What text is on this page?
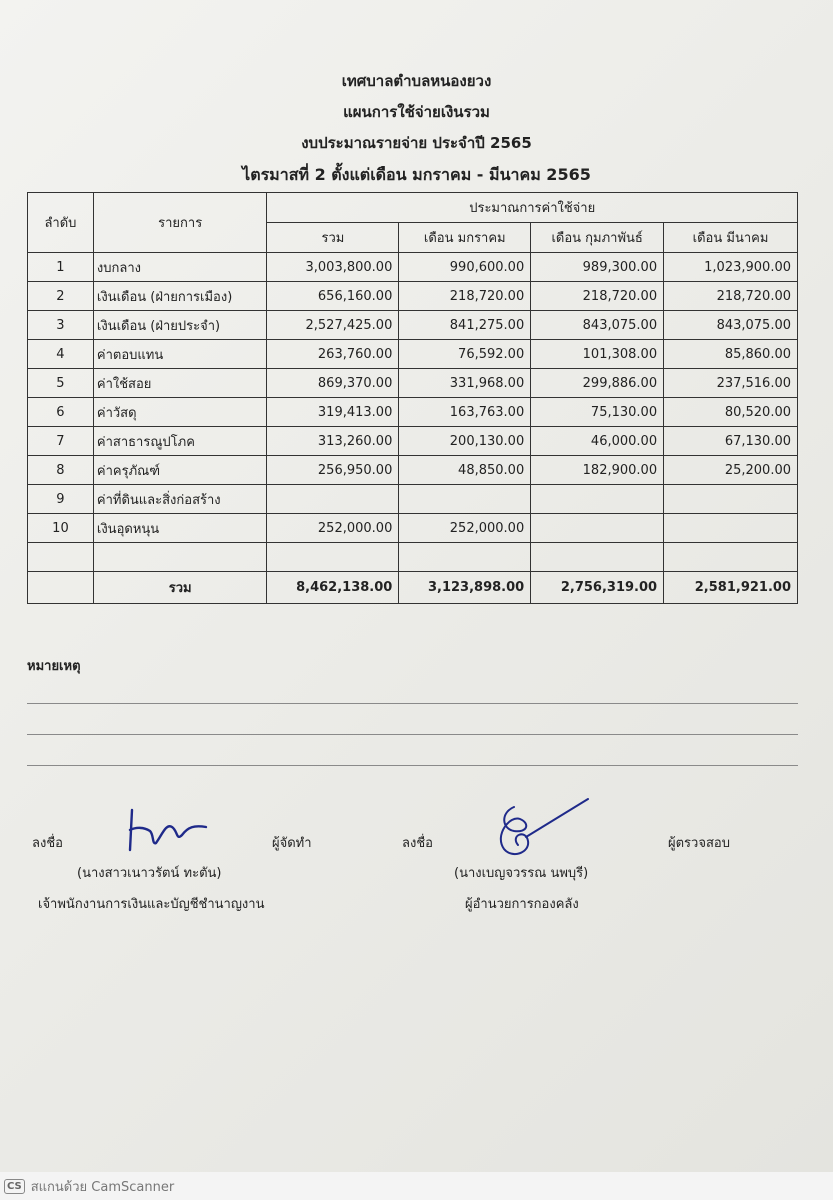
เทศบาลตำบลหนองยวง
แผนการใช้จ่ายเงินรวม
งบประมาณรายจ่าย ประจำปี 2565
ไตรมาสที่ 2 ตั้งแต่เดือน มกราคม - มีนาคม 2565
ลำดับ	รายการ	ประมาณการค่าใช้จ่าย			
		รวม	เดือน มกราคม	เดือน กุมภาพันธ์	เดือน มีนาคม
1	งบกลาง	3,003,800.00	990,600.00	989,300.00	1,023,900.00
2	เงินเดือน (ฝ่ายการเมือง)	656,160.00	218,720.00	218,720.00	218,720.00
3	เงินเดือน (ฝ่ายประจำ)	2,527,425.00	841,275.00	843,075.00	843,075.00
4	ค่าตอบแทน	263,760.00	76,592.00	101,308.00	85,860.00
5	ค่าใช้สอย	869,370.00	331,968.00	299,886.00	237,516.00
6	ค่าวัสดุ	319,413.00	163,763.00	75,130.00	80,520.00
7	ค่าสาธารณูปโภค	313,260.00	200,130.00	46,000.00	67,130.00
8	ค่าครุภัณฑ์	256,950.00	48,850.00	182,900.00	25,200.00
9	ค่าที่ดินและสิ่งก่อสร้าง				
10	เงินอุดหนุน	252,000.00	252,000.00		

	รวม	8,462,138.00	3,123,898.00	2,756,319.00	2,581,921.00
หมายเหตุ
ลงชื่อ	ผู้จัดทำ
(นางสาวเนาวรัตน์ ทะตัน)
เจ้าพนักงานการเงินและบัญชีชำนาญงาน
ลงชื่อ	ผู้ตรวจสอบ
(นางเบญจวรรณ นพบุรี)
ผู้อำนวยการกองคลัง
CS สแกนด้วย CamScanner
